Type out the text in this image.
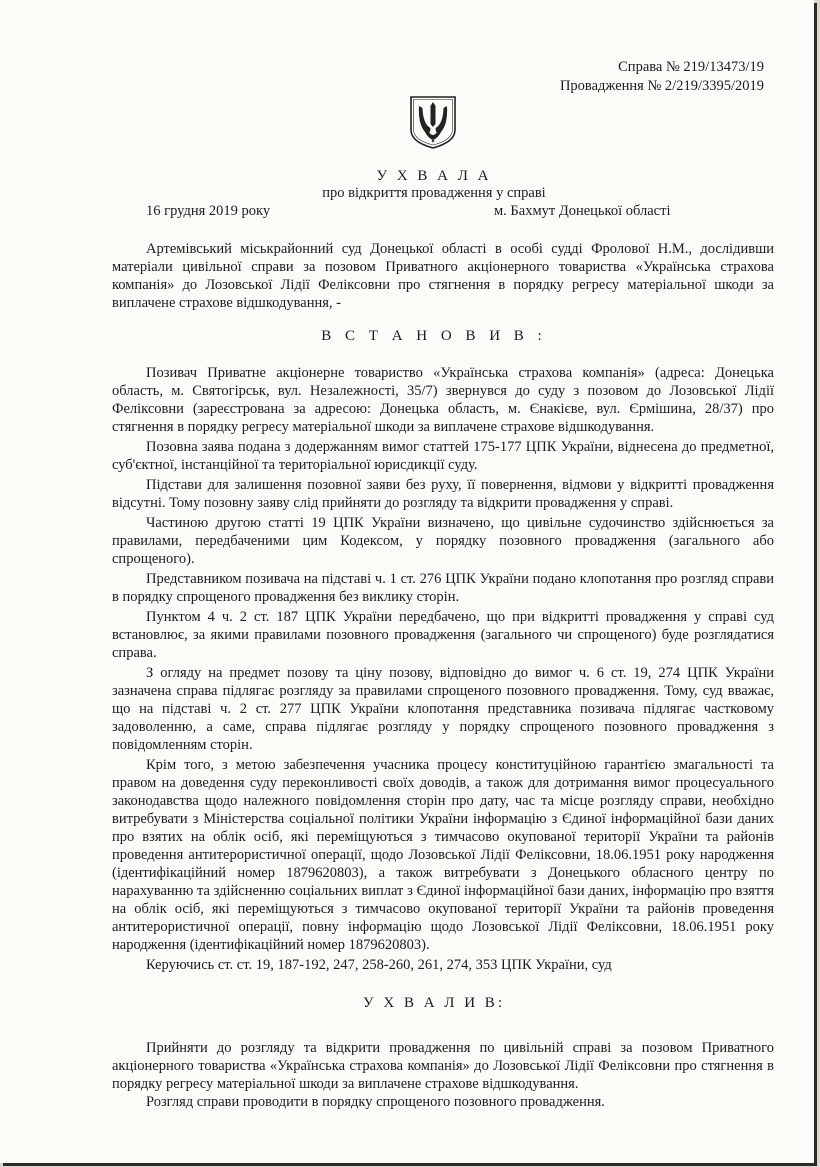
Справа № 219/13473/19
Провадження № 2/219/3395/2019
У Х В А Л А
про відкриття провадження у справі
16 грудня 2019 року	м. Бахмут Донецької області

Артемівський міськрайонний суд Донецької області в особі судді Фролової Н.М., дослідивши матеріали цивільної справи за позовом Приватного акціонерного товариства «Українська страхова компанія» до Лозовської Лідії Феліксовни про стягнення в порядку регресу матеріальної шкоди за виплачене страхове відшкодування, -

В С Т А Н О В И В :

Позивач Приватне акціонерне товариство «Українська страхова компанія» (адреса: Донецька область, м. Святогірськ, вул. Незалежності, 35/7) звернувся до суду з позовом до Лозовської Лідії Феліксовни (зареєстрована за адресою: Донецька область, м. Єнакієве, вул. Єрмішина, 28/37) про стягнення в порядку регресу матеріальної шкоди за виплачене страхове відшкодування.

Позовна заява подана з додержанням вимог статтей 175-177 ЦПК України, віднесена до предметної, суб'єктної, інстанційної та територіальної юрисдикції суду.

Підстави для залишення позовної заяви без руху, її повернення, відмови у відкритті провадження відсутні. Тому позовну заяву слід прийняти до розгляду та відкрити провадження у справі.

Частиною другою статті 19 ЦПК України визначено, що цивільне судочинство здійснюється за правилами, передбаченими цим Кодексом, у порядку позовного провадження (загального або спрощеного).

Представником позивача на підставі ч. 1 ст. 276 ЦПК України подано клопотання про розгляд справи в порядку спрощеного провадження без виклику сторін.

Пунктом 4 ч. 2 ст. 187 ЦПК України передбачено, що при відкритті провадження у справі суд встановлює, за якими правилами позовного провадження (загального чи спрощеного) буде розглядатися справа.

З огляду на предмет позову та ціну позову, відповідно до вимог ч. 6 ст. 19, 274 ЦПК України зазначена справа підлягає розгляду за правилами спрощеного позовного провадження. Тому, суд вважає, що на підставі ч. 2 ст. 277 ЦПК України клопотання представника позивача підлягає частковому задоволенню, а саме, справа підлягає розгляду у порядку спрощеного позовного провадження з повідомленням сторін.

Крім того, з метою забезпечення учасника процесу конституційною гарантією змагальності та правом на доведення суду переконливості своїх доводів, а також для дотримання вимог процесуального законодавства щодо належного повідомлення сторін про дату, час та місце розгляду справи, необхідно витребувати з Міністерства соціальної політики України інформацію з Єдиної інформаційної бази даних про взятих на облік осіб, які переміщуються з тимчасово окупованої території України та районів проведення антитерористичної операції, щодо Лозовської Лідії Феліксовни, 18.06.1951 року народження (ідентифікаційний номер 1879620803), а також витребувати з Донецького обласного центру по нарахуванню та здійсненню соціальних виплат з Єдиної інформаційної бази даних, інформацію про взяття на облік осіб, які переміщуються з тимчасово окупованої території України та районів проведення антитерористичної операції, повну інформацію щодо Лозовської Лідії Феліксовни, 18.06.1951 року народження (ідентифікаційний номер 1879620803).

Керуючись ст. ст. 19, 187-192, 247, 258-260, 261, 274, 353 ЦПК України, суд

У Х В А Л И В:

Прийняти до розгляду та відкрити провадження по цивільній справі за позовом Приватного акціонерного товариства «Українська страхова компанія» до Лозовської Лідії Феліксовни про стягнення в порядку регресу матеріальної шкоди за виплачене страхове відшкодування.

Розгляд справи проводити в порядку спрощеного позовного провадження.
